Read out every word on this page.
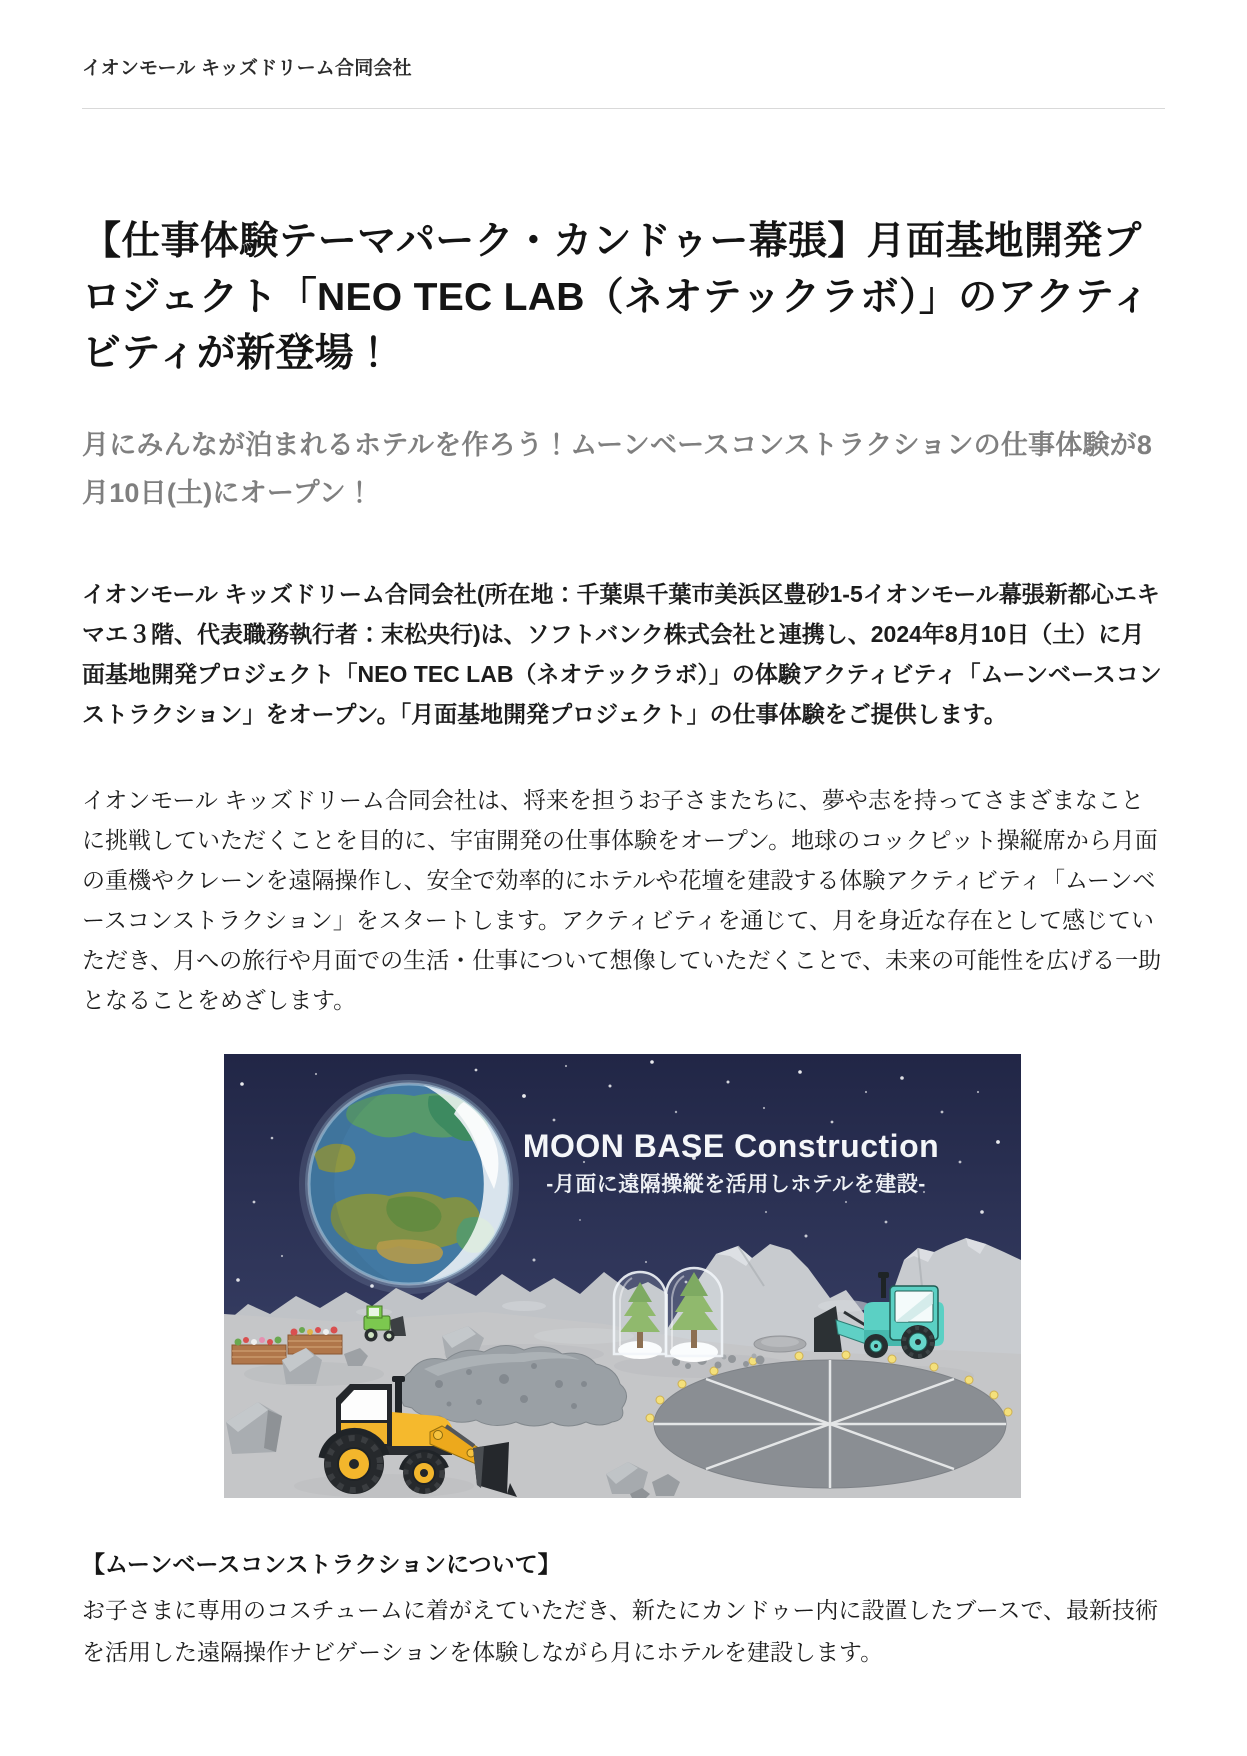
イオンモール キッズドリーム合同会社
【仕事体験テーマパーク・カンドゥー幕張】月面基地開発プロジェクト「NEO TEC LAB（ネオテックラボ）」のアクティビティが新登場！
月にみんなが泊まれるホテルを作ろう！ムーンベースコンストラクションの仕事体験が8月10日(土)にオープン！

イオンモール キッズドリーム合同会社(所在地：千葉県千葉市美浜区豊砂1-5イオンモール幕張新都心エキマエ３階、代表職務執行者：末松央行)は、ソフトバンク株式会社と連携し、2024年8月10日（土）に月面基地開発プロジェクト「NEO TEC LAB（ネオテックラボ）」の体験アクティビティ「ムーンベースコンストラクション」をオープン。「月面基地開発プロジェクト」の仕事体験をご提供します。

イオンモール キッズドリーム合同会社は、将来を担うお子さまたちに、夢や志を持ってさまざまなことに挑戦していただくことを目的に、宇宙開発の仕事体験をオープン。地球のコックピット操縦席から月面の重機やクレーンを遠隔操作し、安全で効率的にホテルや花壇を建設する体験アクティビティ「ムーンベースコンストラクション」をスタートします。アクティビティを通じて、月を身近な存在として感じていただき、月への旅行や月面での生活・仕事について想像していただくことで、未来の可能性を広げる一助となることをめざします。

MOON BASE Construction
-月面に遠隔操縦を活用しホテルを建設-
【ムーンベースコンストラクションについて】

お子さまに専用のコスチュームに着がえていただき、新たにカンドゥー内に設置したブースで、最新技術を活用した遠隔操作ナビゲーションを体験しながら月にホテルを建設します。
